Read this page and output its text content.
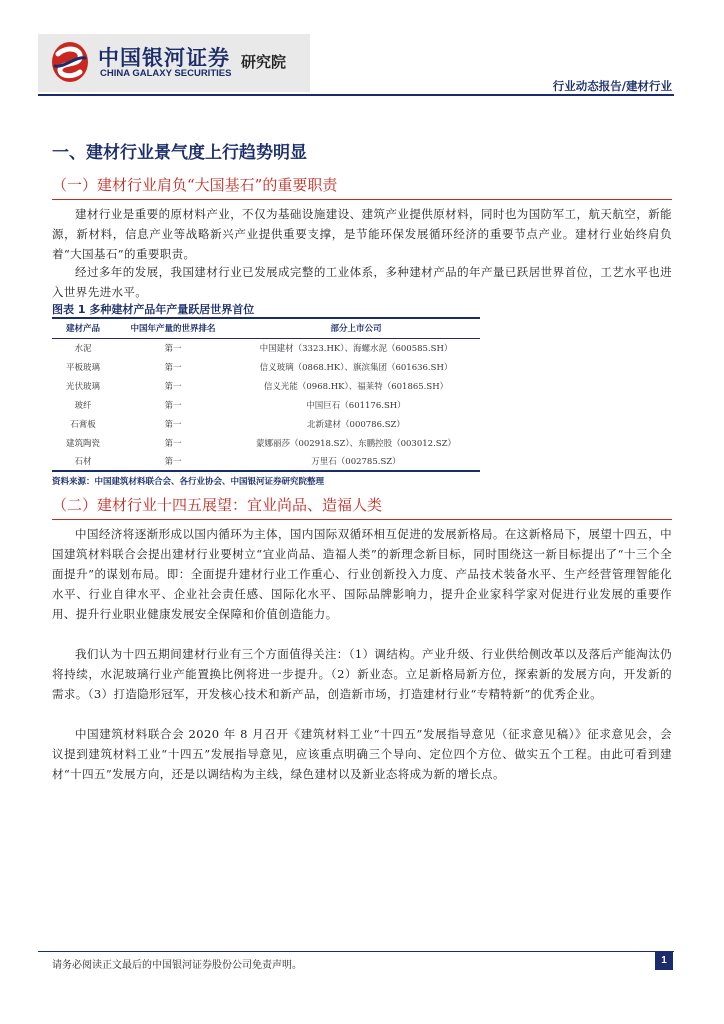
中国银河证券
CHINA GALAXY SECURITIES
研究院
行业动态报告/建材行业
一、建材行业景气度上行趋势明显
（一）建材行业肩负“大国基石”的重要职责

建材行业是重要的原材料产业，不仅为基础设施建设、建筑产业提供原材料，同时也为国防军工，航天航空，新能源，新材料，信息产业等战略新兴产业提供重要支撑，是节能环保发展循环经济的重要节点产业。建材行业始终肩负着“大国基石”的重要职责。

经过多年的发展，我国建材行业已发展成完整的工业体系，多种建材产品的年产量已跃居世界首位，工艺水平也进入世界先进水平。

图表 1 多种建材产品年产量跃居世界首位
建材产品	中国年产量的世界排名	部分上市公司
水泥	第一	中国建材（3323.HK）、海螺水泥（600585.SH）
平板玻璃	第一	信义玻璃（0868.HK）、旗滨集团（601636.SH）
光伏玻璃	第一	信义光能（0968.HK）、福莱特（601865.SH）
玻纤	第一	中国巨石（601176.SH）
石膏板	第一	北新建材（000786.SZ）
建筑陶瓷	第一	蒙娜丽莎（002918.SZ）、东鹏控股（003012.SZ）
石材	第一	万里石（002785.SZ）
资料来源：中国建筑材料联合会、各行业协会、中国银河证券研究院整理
（二）建材行业十四五展望：宜业尚品、造福人类

中国经济将逐渐形成以国内循环为主体，国内国际双循环相互促进的发展新格局。在这新格局下，展望十四五，中国建筑材料联合会提出建材行业要树立“宜业尚品、造福人类”的新理念新目标，同时围绕这一新目标提出了“十三个全面提升”的谋划布局。即：全面提升建材行业工作重心、行业创新投入力度、产品技术装备水平、生产经营管理智能化水平、行业自律水平、企业社会责任感、国际化水平、国际品牌影响力，提升企业家科学家对促进行业发展的重要作用、提升行业职业健康发展安全保障和价值创造能力。

我们认为十四五期间建材行业有三个方面值得关注：（1）调结构。产业升级、行业供给侧改革以及落后产能淘汰仍将持续，水泥玻璃行业产能置换比例将进一步提升。（2）新业态。立足新格局新方位，探索新的发展方向，开发新的需求。（3）打造隐形冠军，开发核心技术和新产品，创造新市场，打造建材行业“专精特新”的优秀企业。

中国建筑材料联合会 2020 年 8 月召开《建筑材料工业“十四五”发展指导意见（征求意见稿）》征求意见会，会议提到建筑材料工业“十四五”发展指导意见，应该重点明确三个导向、定位四个方位、做实五个工程。由此可看到建材“十四五”发展方向，还是以调结构为主线，绿色建材以及新业态将成为新的增长点。

请务必阅读正文最后的中国银河证券股份公司免责声明。	1
